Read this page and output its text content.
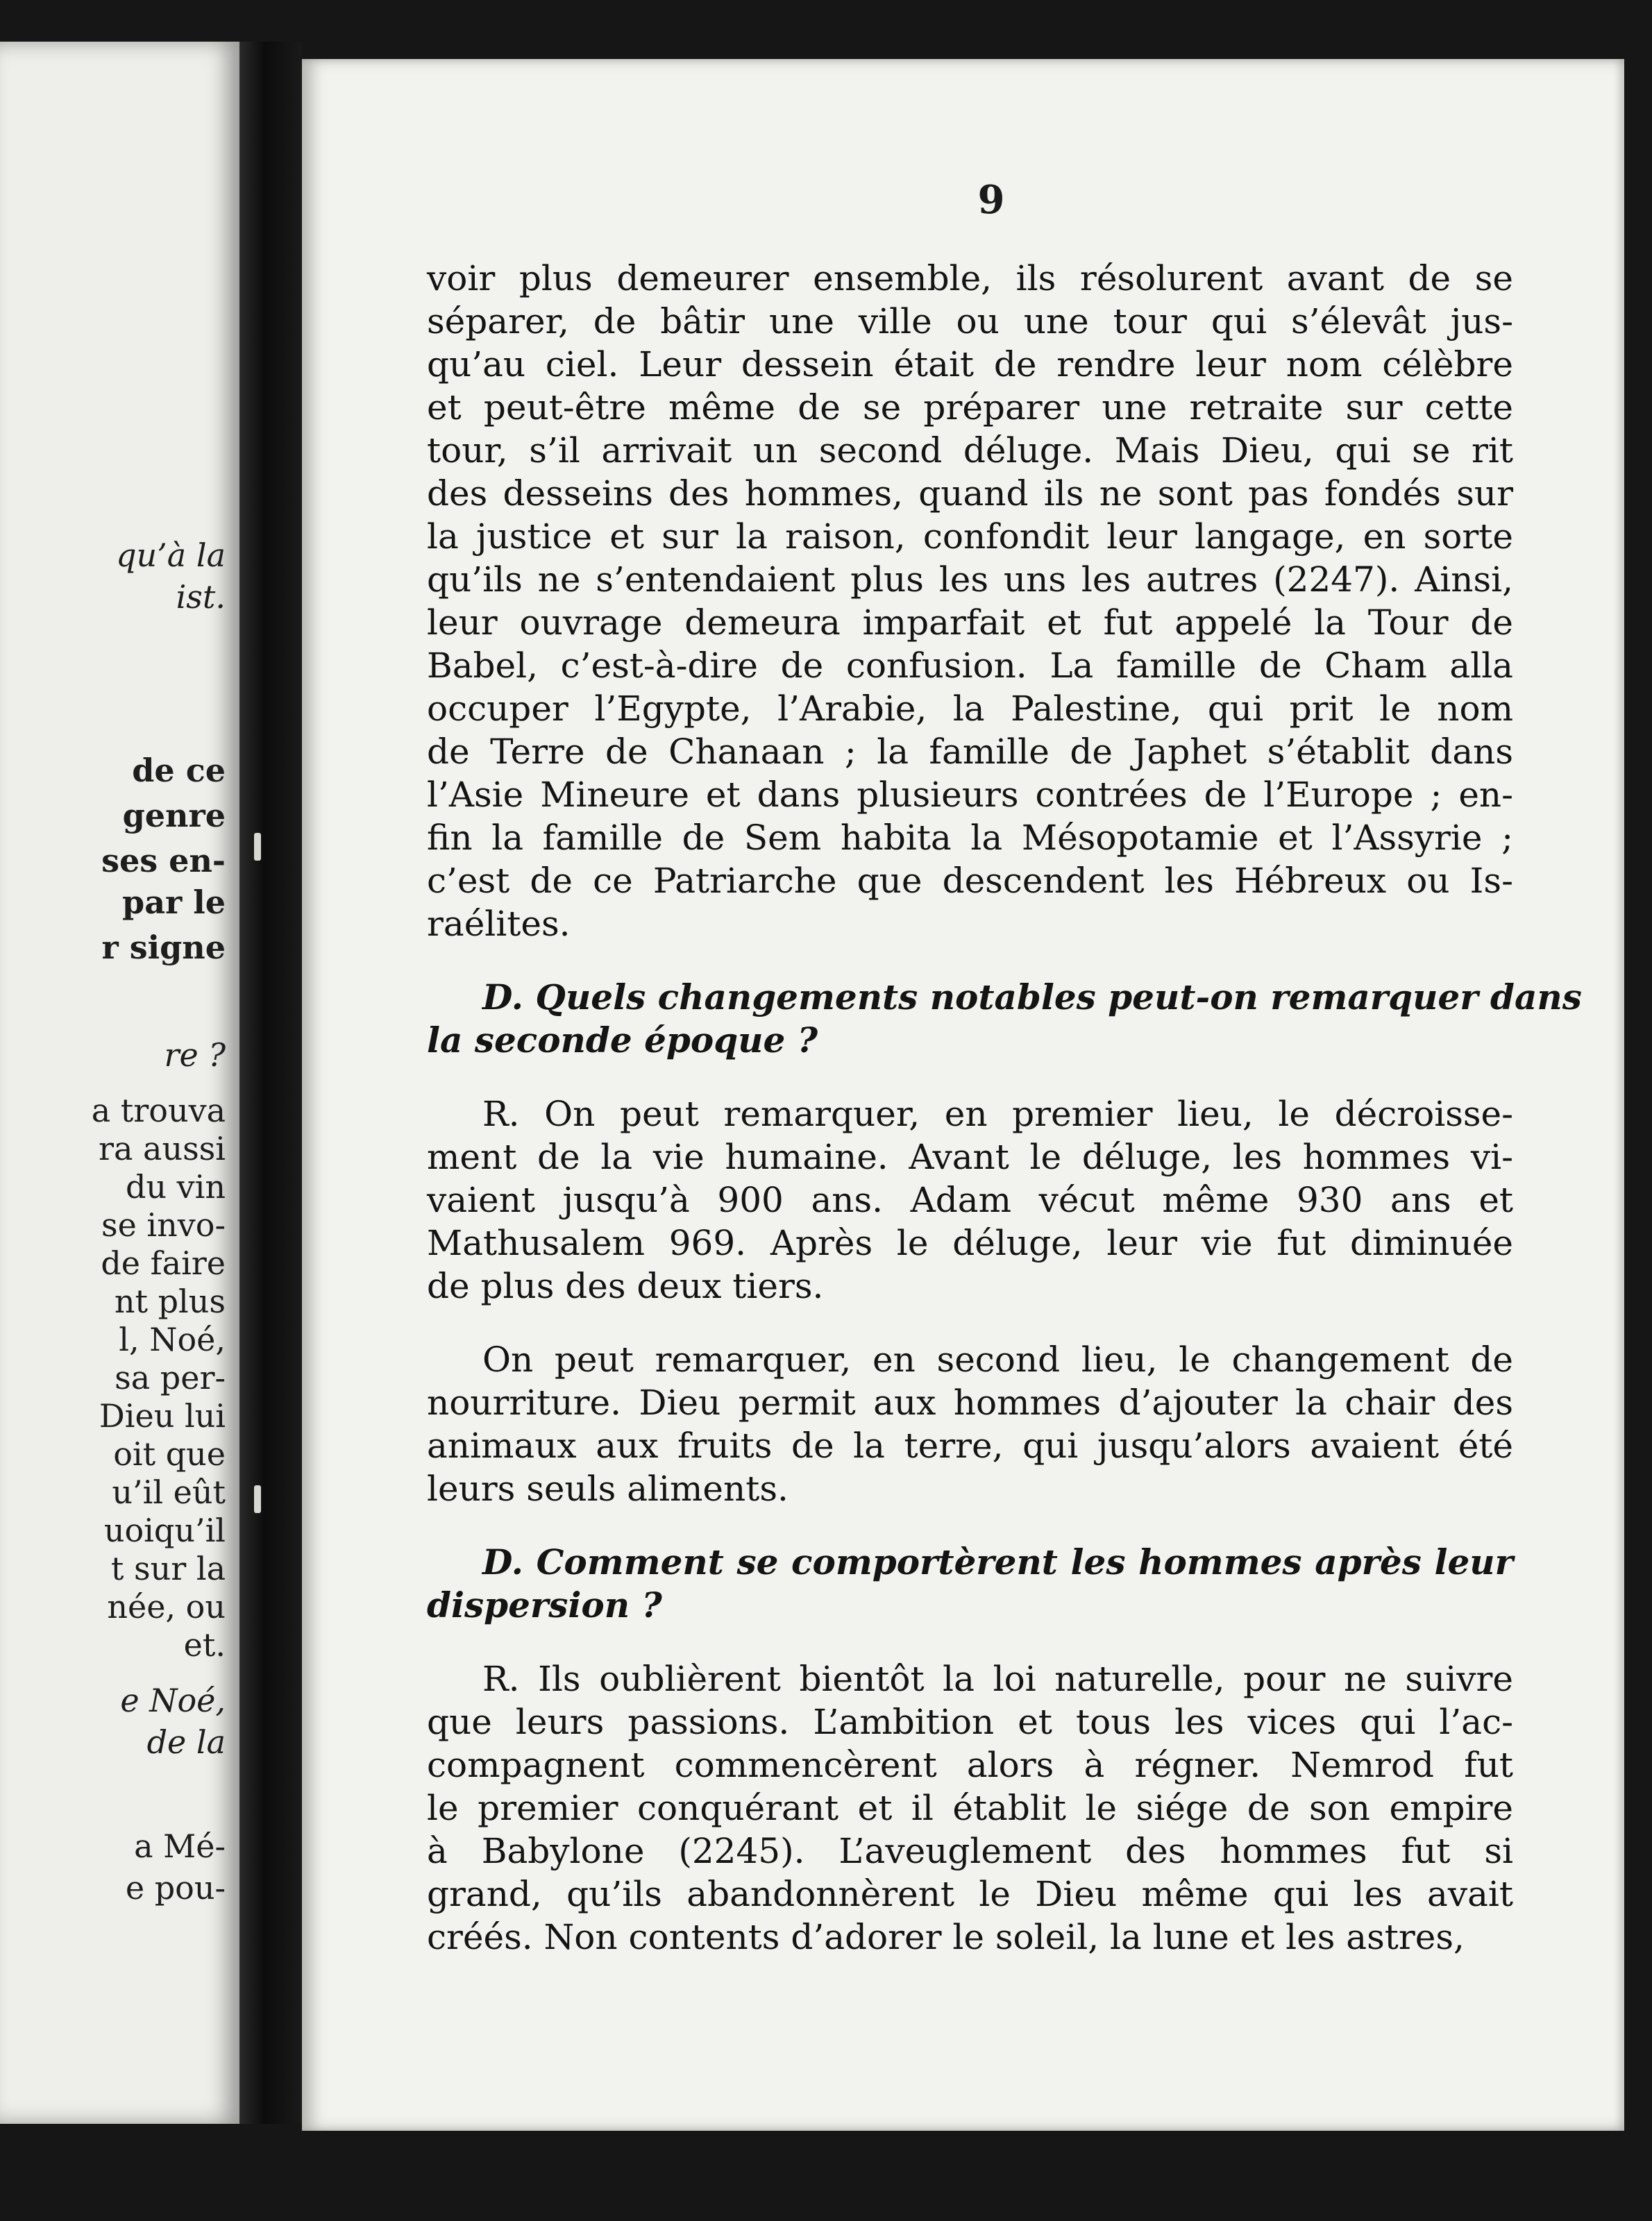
qu’à la
ist.
de ce
genre
ses en-
par le
r signe
re ?
a trouva
ra aussi
du vin
se invo-
de faire
nt plus
l, Noé,
sa per-
Dieu lui
oit que
u’il eût
uoiqu’il
t sur la
née, ou
et.
e Noé,
de la
a Mé-
e pou-
9
voir plus demeurer ensemble, ils résolurent avant de se
séparer, de bâtir une ville ou une tour qui s’élevât jus-
qu’au ciel. Leur dessein était de rendre leur nom célèbre
et peut-être même de se préparer une retraite sur cette
tour, s’il arrivait un second déluge. Mais Dieu, qui se rit
des desseins des hommes, quand ils ne sont pas fondés sur
la justice et sur la raison, confondit leur langage, en sorte
qu’ils ne s’entendaient plus les uns les autres (2247). Ainsi,
leur ouvrage demeura imparfait et fut appelé la Tour de
Babel, c’est-à-dire de confusion. La famille de Cham alla
occuper l’Egypte, l’Arabie, la Palestine, qui prit le nom
de Terre de Chanaan ; la famille de Japhet s’établit dans
l’Asie Mineure et dans plusieurs contrées de l’Europe ; en-
fin la famille de Sem habita la Mésopotamie et l’Assyrie ;
c’est de ce Patriarche que descendent les Hébreux ou Is-
raélites.
D. Quels changements notables peut-on remarquer dans
la seconde époque ?
R. On peut remarquer, en premier lieu, le décroisse-
ment de la vie humaine. Avant le déluge, les hommes vi-
vaient jusqu’à 900 ans. Adam vécut même 930 ans et
Mathusalem 969. Après le déluge, leur vie fut diminuée
de plus des deux tiers.
On peut remarquer, en second lieu, le changement de
nourriture. Dieu permit aux hommes d’ajouter la chair des
animaux aux fruits de la terre, qui jusqu’alors avaient été
leurs seuls aliments.
D. Comment se comportèrent les hommes après leur
dispersion ?
R. Ils oublièrent bientôt la loi naturelle, pour ne suivre
que leurs passions. L’ambition et tous les vices qui l’ac-
compagnent commencèrent alors à régner. Nemrod fut
le premier conquérant et il établit le siége de son empire
à Babylone (2245). L’aveuglement des hommes fut si
grand, qu’ils abandonnèrent le Dieu même qui les avait
créés. Non contents d’adorer le soleil, la lune et les astres,
